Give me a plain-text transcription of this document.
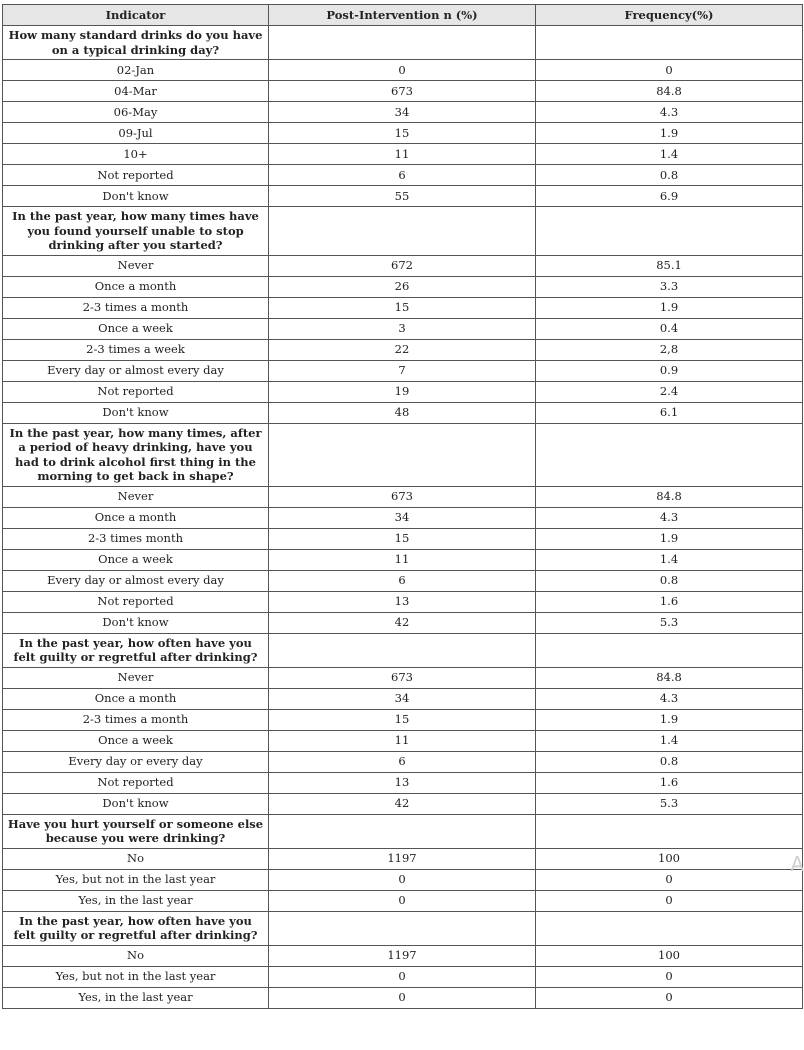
Indicator	Post-Intervention n (%)	Frequency(%)
How many standard drinks do you have on a typical drinking day?		
02-Jan	0	0
04-Mar	673	84.8
06-May	34	4.3
09-Jul	15	1.9
10+	11	1.4
Not reported	6	0.8
Don't know	55	6.9
In the past year, how many times have you found yourself unable to stop drinking after you started?		
Never	672	85.1
Once a month	26	3.3
2-3 times a month	15	1.9
Once a week	3	0.4
2-3 times a week	22	2,8
Every day or almost every day	7	0.9
Not reported	19	2.4
Don't know	48	6.1
In the past year, how many times, after a period of heavy drinking, have you had to drink alcohol first thing in the morning to get back in shape?		
Never	673	84.8
Once a month	34	4.3
2-3 times month	15	1.9
Once a week	11	1.4
Every day or almost every day	6	0.8
Not reported	13	1.6
Don't know	42	5.3
In the past year, how often have you felt guilty or regretful after drinking?		
Never	673	84.8
Once a month	34	4.3
2-3 times a month	15	1.9
Once a week	11	1.4
Every day or every day	6	0.8
Not reported	13	1.6
Don't know	42	5.3
Have you hurt yourself or someone else because you were drinking?		
No	1197	100
Yes, but not in the last year	0	0
Yes, in the last year	0	0
In the past year, how often have you felt guilty or regretful after drinking?		
No	1197	100
Yes, but not in the last year	0	0
Yes, in the last year	0	0
A
